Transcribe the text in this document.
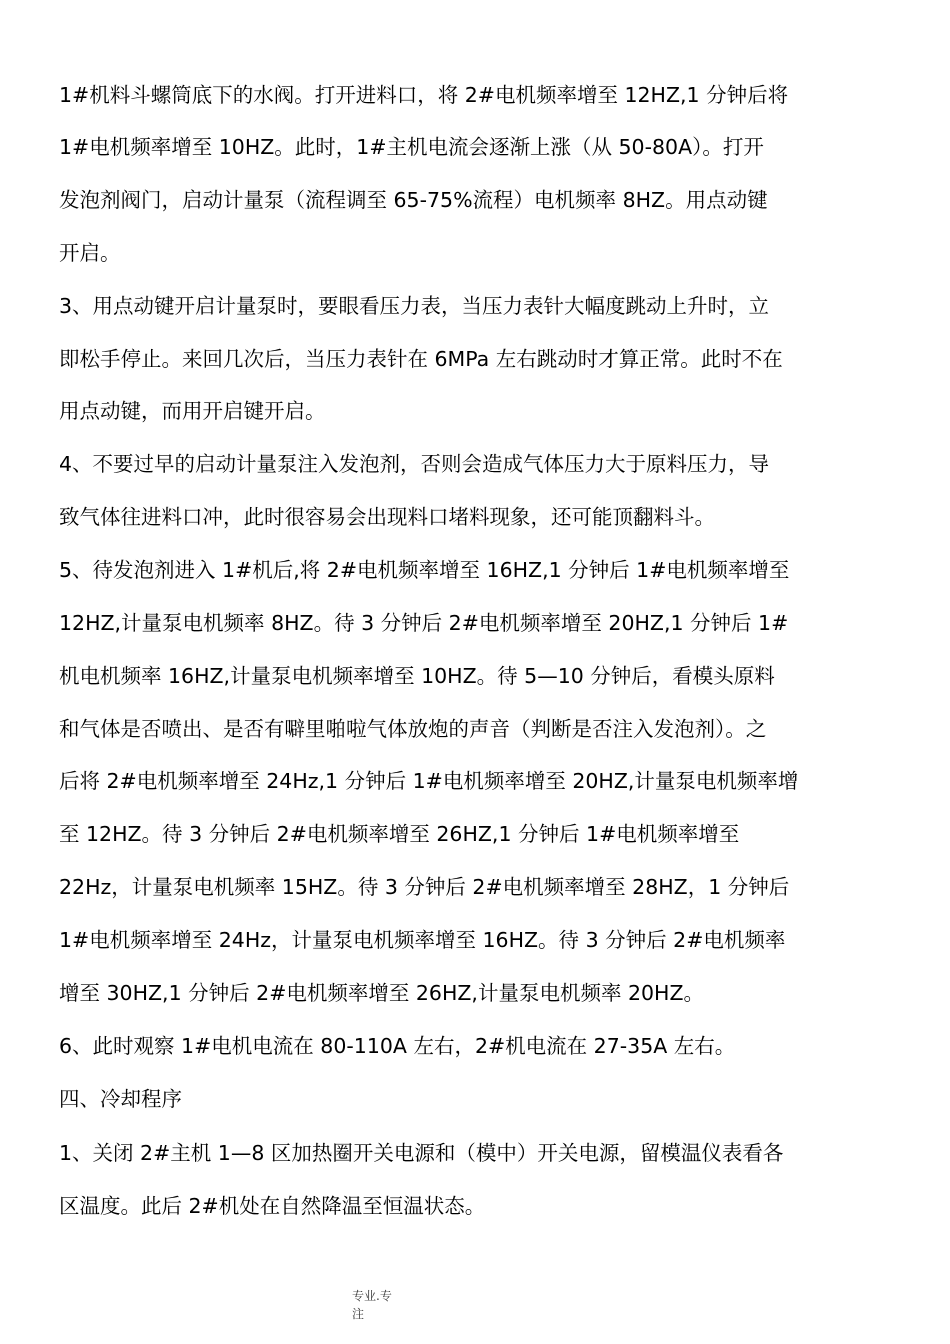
1#机料斗螺筒底下的水阀。打开进料口，将 2#电机频率增至 12HZ,1 分钟后将
1#电机频率增至 10HZ。此时，1#主机电流会逐渐上涨（从 50-80A）。打开
发泡剂阀门，启动计量泵（流程调至 65-75%流程）电机频率 8HZ。用点动键
开启。
3、用点动键开启计量泵时，要眼看压力表，当压力表针大幅度跳动上升时，立
即松手停止。来回几次后，当压力表针在 6MPa 左右跳动时才算正常。此时不在
用点动键，而用开启键开启。
4、不要过早的启动计量泵注入发泡剂，否则会造成气体压力大于原料压力，导
致气体往进料口冲，此时很容易会出现料口堵料现象，还可能顶翻料斗。
5、待发泡剂进入 1#机后,将 2#电机频率增至 16HZ,1 分钟后 1#电机频率增至
12HZ,计量泵电机频率 8HZ。待 3 分钟后 2#电机频率增至 20HZ,1 分钟后 1#
机电机频率 16HZ,计量泵电机频率增至 10HZ。待 5—10 分钟后，看模头原料
和气体是否喷出、是否有噼里啪啦气体放炮的声音（判断是否注入发泡剂）。之
后将 2#电机频率增至 24Hz,1 分钟后 1#电机频率增至 20HZ,计量泵电机频率增
至 12HZ。待 3 分钟后 2#电机频率增至 26HZ,1 分钟后 1#电机频率增至
22Hz，计量泵电机频率 15HZ。待 3 分钟后 2#电机频率增至 28HZ，1 分钟后
1#电机频率增至 24Hz，计量泵电机频率增至 16HZ。待 3 分钟后 2#电机频率
增至 30HZ,1 分钟后 2#电机频率增至 26HZ,计量泵电机频率 20HZ。
6、此时观察 1#电机电流在 80-110A 左右，2#机电流在 27-35A 左右。
四、冷却程序
1、关闭 2#主机 1—8 区加热圈开关电源和（模中）开关电源，留模温仪表看各
区温度。此后 2#机处在自然降温至恒温状态。
专业.专
注
